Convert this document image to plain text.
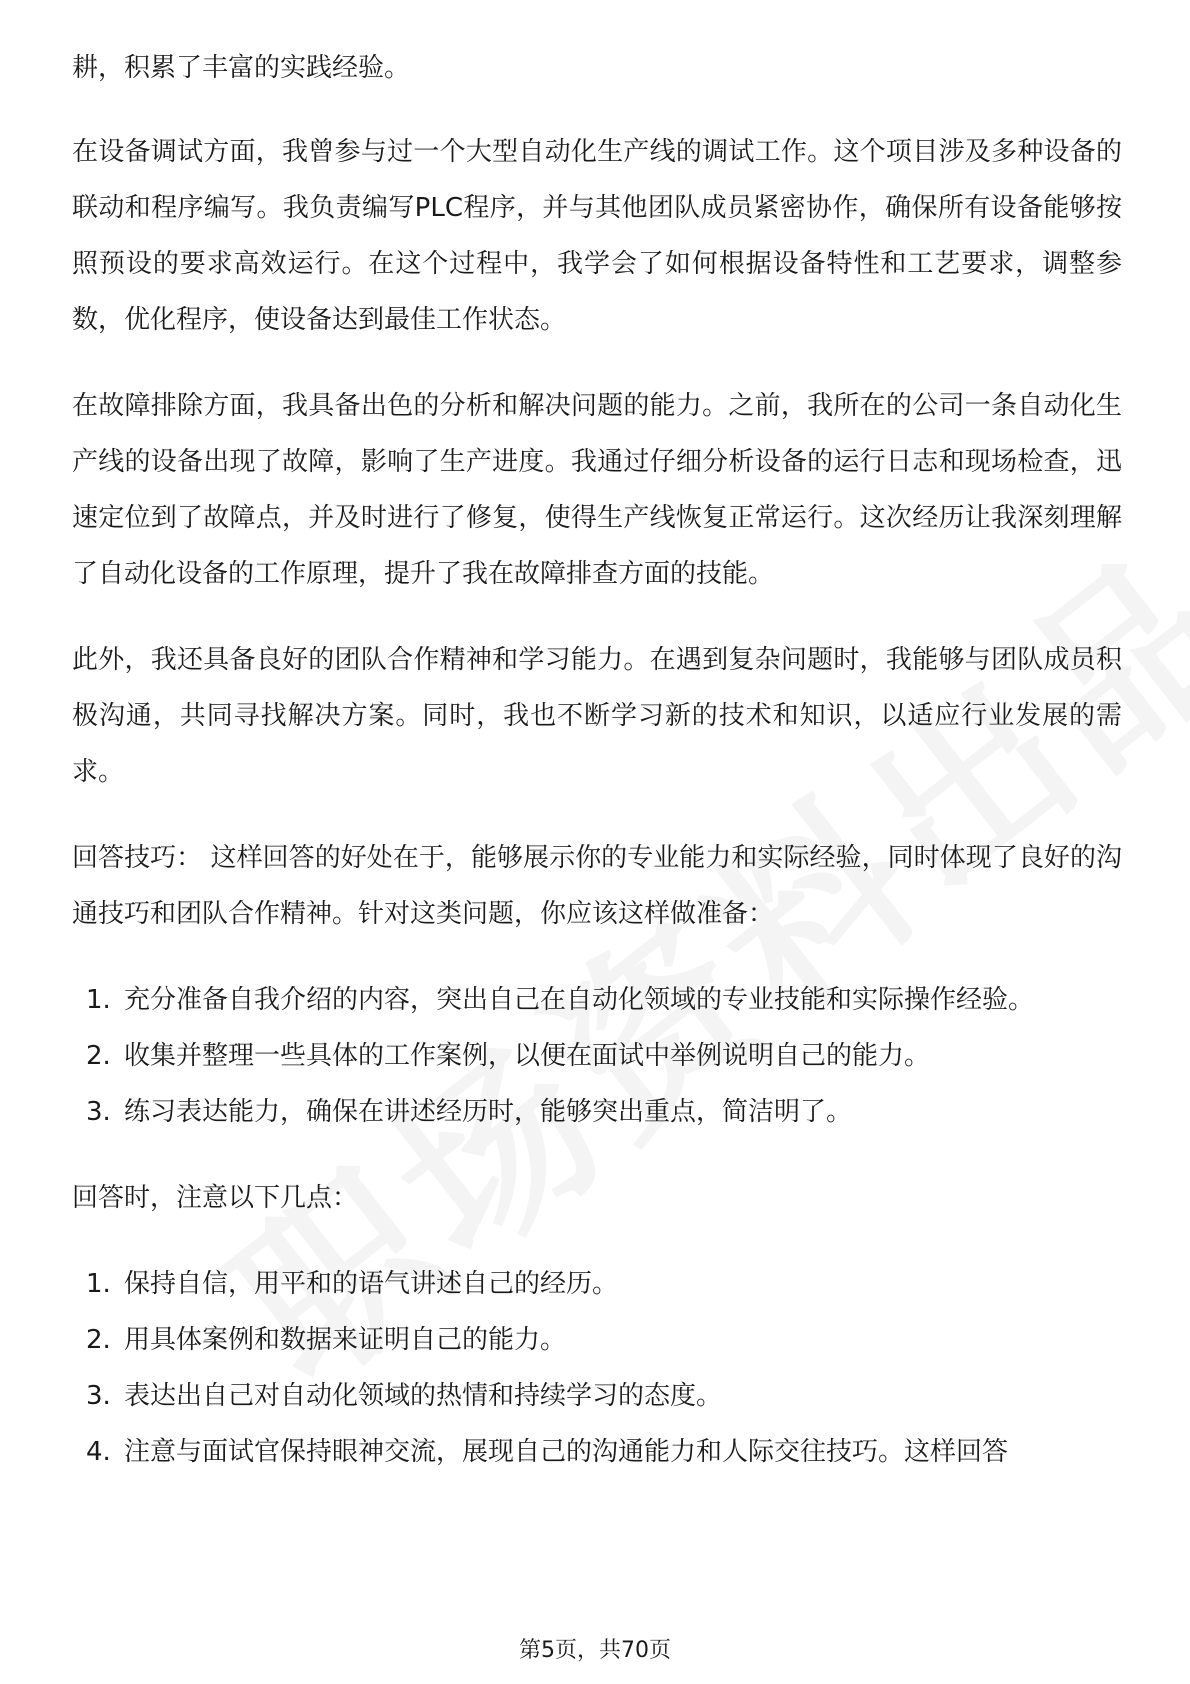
耕，积累了丰富的实践经验。

在设备调试方面，我曾参与过一个大型自动化生产线的调试工作。这个项目涉及多种设备的联动和程序编写。我负责编写PLC程序，并与其他团队成员紧密协作，确保所有设备能够按照预设的要求高效运行。在这个过程中，我学会了如何根据设备特性和工艺要求，调整参数，优化程序，使设备达到最佳工作状态。

在故障排除方面，我具备出色的分析和解决问题的能力。之前，我所在的公司一条自动化生产线的设备出现了故障，影响了生产进度。我通过仔细分析设备的运行日志和现场检查，迅速定位到了故障点，并及时进行了修复，使得生产线恢复正常运行。这次经历让我深刻理解了自动化设备的工作原理，提升了我在故障排查方面的技能。

此外，我还具备良好的团队合作精神和学习能力。在遇到复杂问题时，我能够与团队成员积极沟通，共同寻找解决方案。同时，我也不断学习新的技术和知识，以适应行业发展的需求。

回答技巧： 这样回答的好处在于，能够展示你的专业能力和实际经验，同时体现了良好的沟通技巧和团队合作精神。针对这类问题，你应该这样做准备：

1. 充分准备自我介绍的内容，突出自己在自动化领域的专业技能和实际操作经验。
2. 收集并整理一些具体的工作案例，以便在面试中举例说明自己的能力。
3. 练习表达能力，确保在讲述经历时，能够突出重点，简洁明了。

回答时，注意以下几点：

1. 保持自信，用平和的语气讲述自己的经历。
2. 用具体案例和数据来证明自己的能力。
3. 表达出自己对自动化领域的热情和持续学习的态度。
4. 注意与面试官保持眼神交流，展现自己的沟通能力和人际交往技巧。这样回答
第5页，共70页
